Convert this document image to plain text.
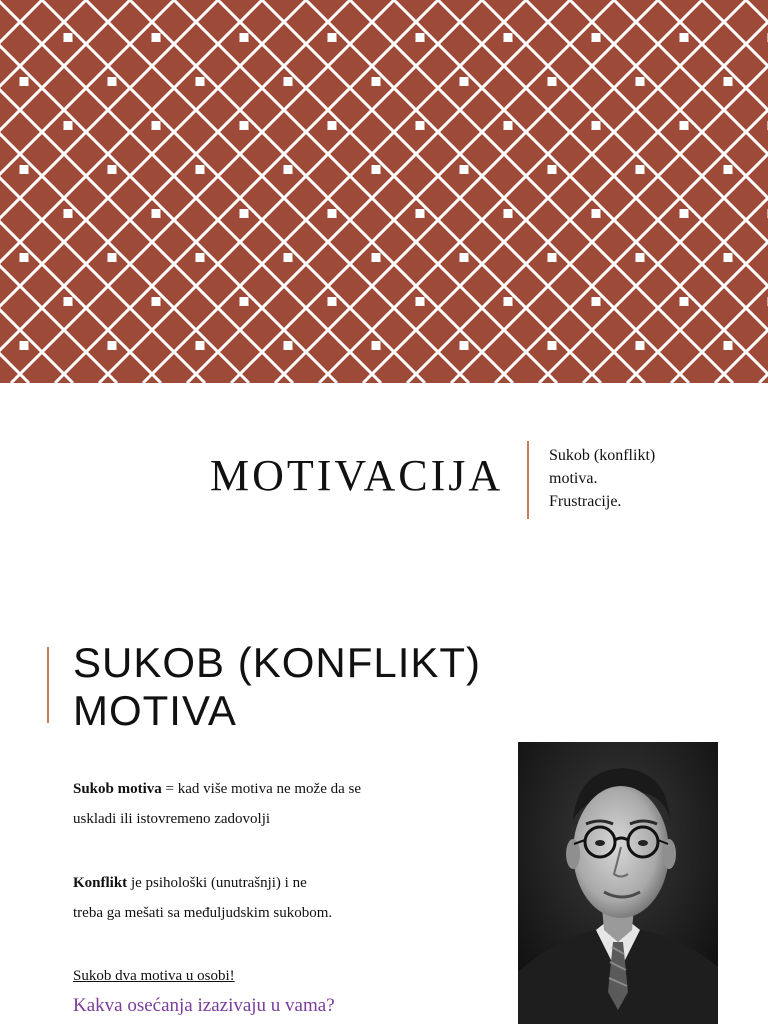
MOTIVACIJA	Sukob (konflikt)
motiva.
Frustracije.
SUKOB (KONFLIKT)
MOTIVA
Sukob motiva = kad više motiva ne može da se
uskladi ili istovremeno zadovolji
Konflikt je psihološki (unutrašnji) i ne
treba ga mešati sa međuljudskim sukobom.
Sukob dva motiva u osobi!
Kakva osećanja izazivaju u vama?
